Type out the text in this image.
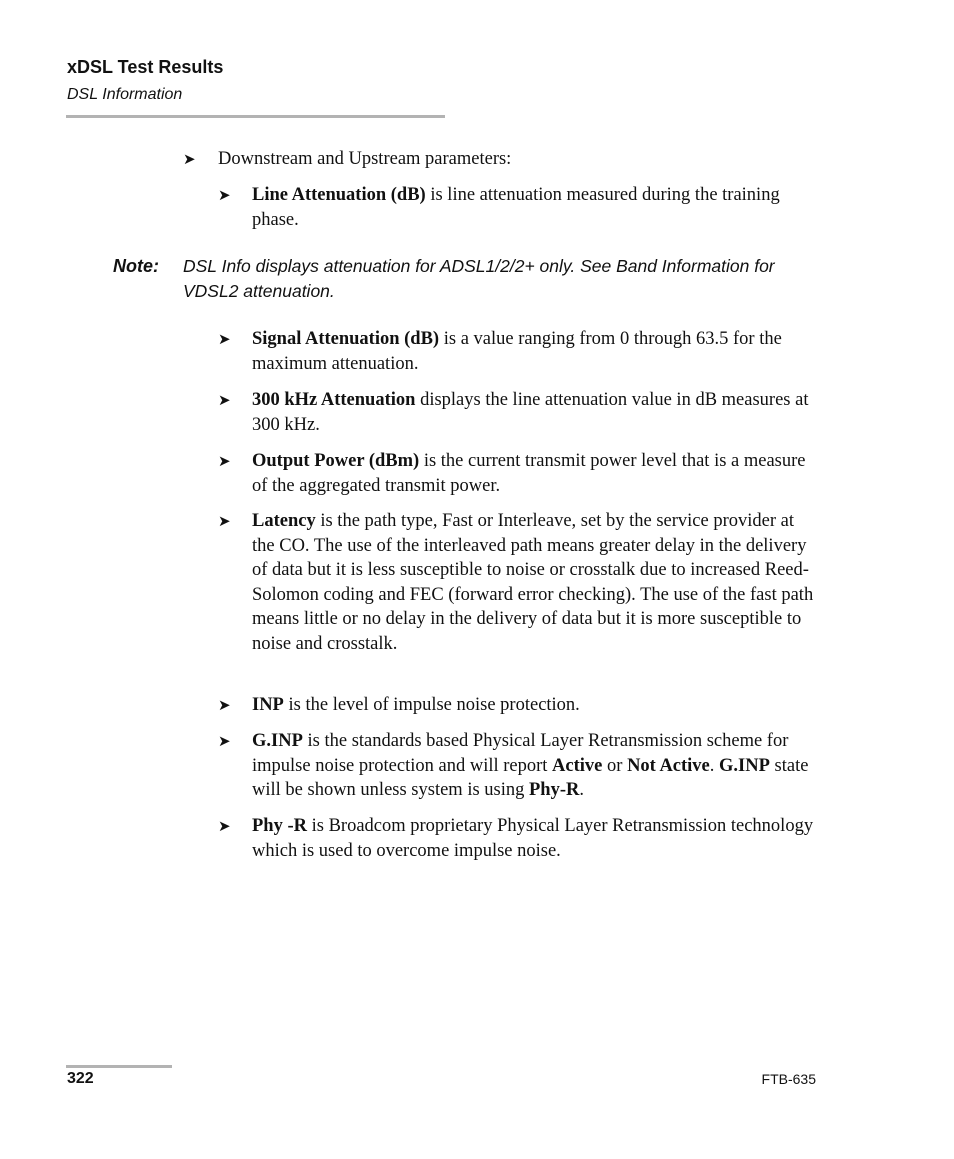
xDSL Test Results
DSL Information
➤ Downstream and Upstream parameters:
➤ Line Attenuation (dB) is line attenuation measured during the training phase.
Note: DSL Info displays attenuation for ADSL1/2/2+ only. See Band Information for VDSL2 attenuation.
➤ Signal Attenuation (dB) is a value ranging from 0 through 63.5 for the maximum attenuation.
➤ 300 kHz Attenuation displays the line attenuation value in dB measures at 300 kHz.
➤ Output Power (dBm) is the current transmit power level that is a measure of the aggregated transmit power.
➤ Latency is the path type, Fast or Interleave, set by the service provider at the CO. The use of the interleaved path means greater delay in the delivery of data but it is less susceptible to noise or crosstalk due to increased Reed-Solomon coding and FEC (forward error checking). The use of the fast path means little or no delay in the delivery of data but it is more susceptible to noise and crosstalk.
➤ INP is the level of impulse noise protection.
➤ G.INP is the standards based Physical Layer Retransmission scheme for impulse noise protection and will report Active or Not Active. G.INP state will be shown unless system is using Phy-R.
➤ Phy -R is Broadcom proprietary Physical Layer Retransmission technology which is used to overcome impulse noise.
322	FTB-635
